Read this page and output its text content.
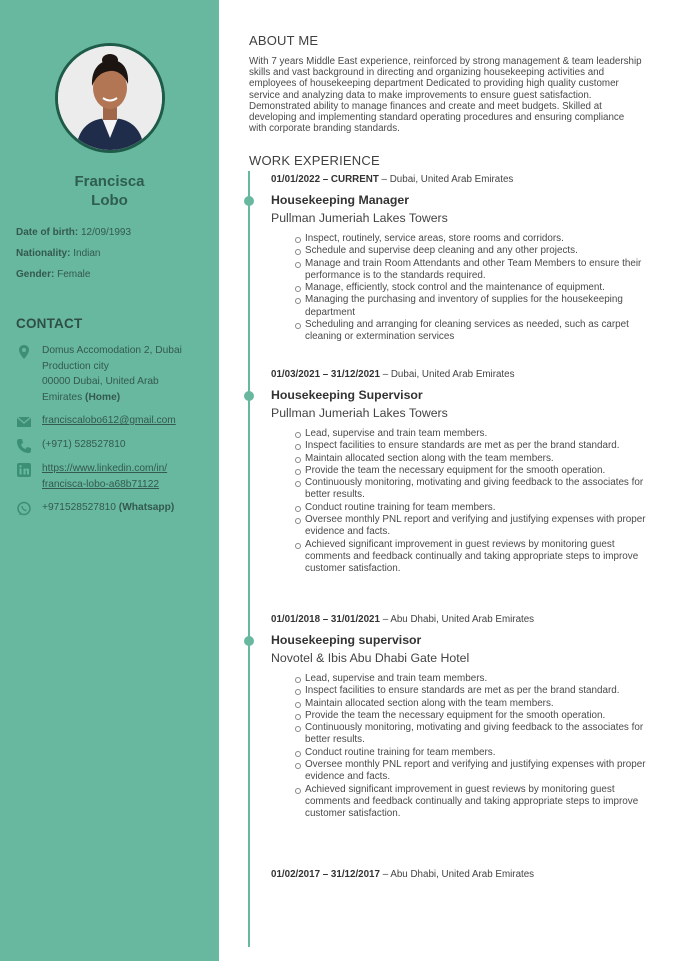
Francisca
Lobo
Date of birth: 12/09/1993
Nationality: Indian
Gender: Female
CONTACT
Domus Accomodation 2, Dubai
Production city
00000 Dubai, United Arab
Emirates (Home)
franciscalobo612@gmail.com
(+971) 528527810
https://www.linkedin.com/in/
francisca-lobo-a68b71122
+971528527810 (Whatsapp)
ABOUT ME
With 7 years Middle East experience, reinforced by strong management & team leadership skills and vast background in directing and organizing housekeeping activities and employees of housekeeping department Dedicated to providing high quality customer service and analyzing data to make improvements to ensure guest satisfaction. Demonstrated ability to manage finances and create and meet budgets. Skilled at developing and implementing standard operating procedures and ensuring compliance with corporate branding standards.
WORK EXPERIENCE
01/01/2022 – CURRENT – Dubai, United Arab Emirates
Housekeeping Manager
Pullman Jumeriah Lakes Towers
Inspect, routinely, service areas, store rooms and corridors.
Schedule and supervise deep cleaning and any other projects.
Manage and train Room Attendants and other Team Members to ensure their performance is to the standards required.
Manage, efficiently, stock control and the maintenance of equipment.
Managing the purchasing and inventory of supplies for the housekeeping department
Scheduling and arranging for cleaning services as needed, such as carpet cleaning or extermination services
01/03/2021 – 31/12/2021 – Dubai, United Arab Emirates
Housekeeping Supervisor
Pullman Jumeriah Lakes Towers
Lead, supervise and train team members.
Inspect facilities to ensure standards are met as per the brand standard.
Maintain allocated section along with the team members.
Provide the team the necessary equipment for the smooth operation.
Continuously monitoring, motivating and giving feedback to the associates for better results.
Conduct routine training for team members.
Oversee monthly PNL report and verifying and justifying expenses with proper evidence and facts.
Achieved significant improvement in guest reviews by monitoring guest comments and feedback continually and taking appropriate steps to improve customer satisfaction.
01/01/2018 – 31/01/2021 – Abu Dhabi, United Arab Emirates
Housekeeping supervisor
Novotel & Ibis Abu Dhabi Gate Hotel
Lead, supervise and train team members.
Inspect facilities to ensure standards are met as per the brand standard.
Maintain allocated section along with the team members.
Provide the team the necessary equipment for the smooth operation.
Continuously monitoring, motivating and giving feedback to the associates for better results.
Conduct routine training for team members.
Oversee monthly PNL report and verifying and justifying expenses with proper evidence and facts.
Achieved significant improvement in guest reviews by monitoring guest comments and feedback continually and taking appropriate steps to improve customer satisfaction.
01/02/2017 – 31/12/2017 – Abu Dhabi, United Arab Emirates
